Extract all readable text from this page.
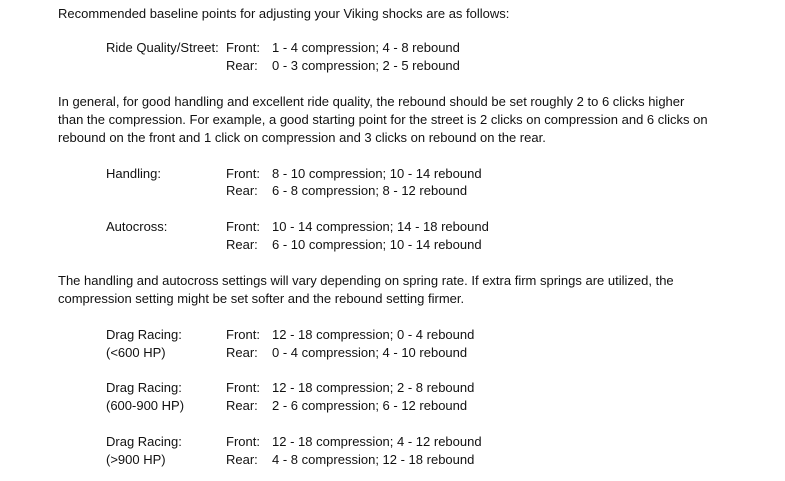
Recommended baseline points for adjusting your Viking shocks are as follows:
Ride Quality/Street: Front: 1 - 4 compression; 4 - 8 rebound
Rear: 0 - 3 compression; 2 - 5 rebound
In general, for good handling and excellent ride quality, the rebound should be set roughly 2 to 6 clicks higher
than the compression. For example, a good starting point for the street is 2 clicks on compression and 6 clicks on
rebound on the front and 1 click on compression and 3 clicks on rebound on the rear.
Handling:	Front: 8 - 10 compression; 10 - 14 rebound
Rear: 6 - 8 compression; 8 - 12 rebound
Autocross:	Front: 10 - 14 compression; 14 - 18 rebound
Rear: 6 - 10 compression; 10 - 14 rebound
The handling and autocross settings will vary depending on spring rate. If extra firm springs are utilized, the
compression setting might be set softer and the rebound setting firmer.
Drag Racing:
(<600 HP)
Front: 12 - 18 compression; 0 - 4 rebound
Rear: 0 - 4 compression; 4 - 10 rebound
Drag Racing:
(600-900 HP)
Front: 12 - 18 compression; 2 - 8 rebound
Rear: 2 - 6 compression; 6 - 12 rebound
Drag Racing:
(>900 HP)
Front: 12 - 18 compression; 4 - 12 rebound
Rear: 4 - 8 compression; 12 - 18 rebound
